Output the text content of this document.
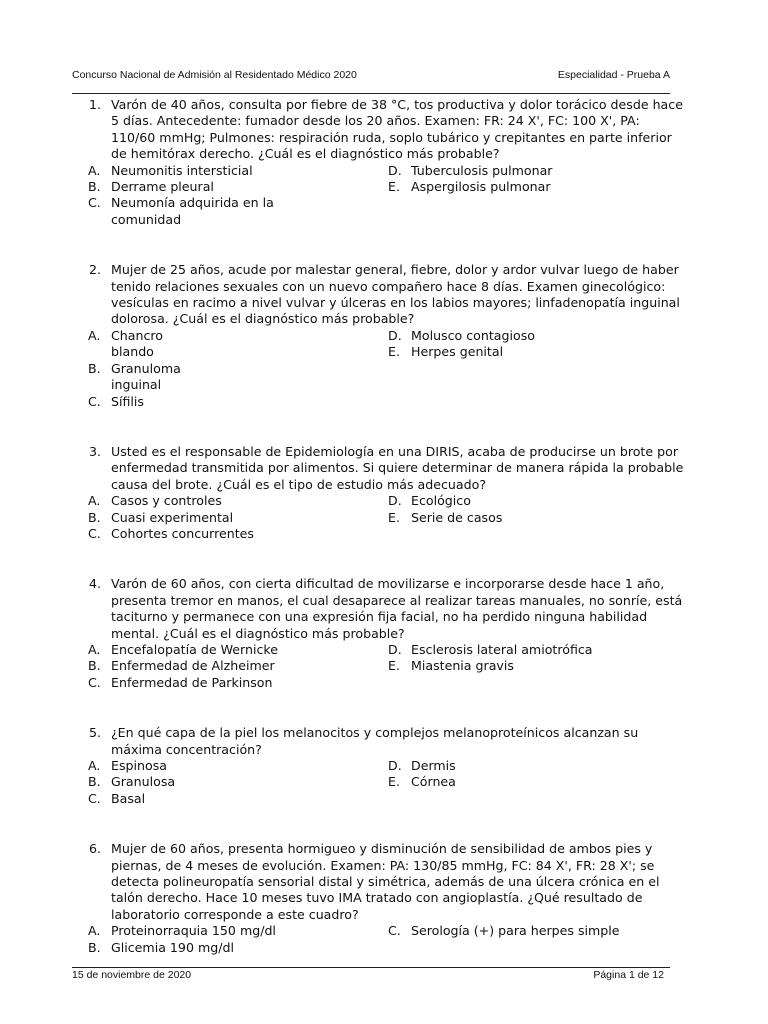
Concurso Nacional de Admisión al Residentado Médico 2020	Especialidad - Prueba A
1. Varón de 40 años, consulta por fiebre de 38 °C, tos productiva y dolor torácico desde hace 5 días. Antecedente: fumador desde los 20 años. Examen: FR: 24 X', FC: 100 X', PA: 110/60 mmHg; Pulmones: respiración ruda, soplo tubárico y crepitantes en parte inferior de hemitórax derecho. ¿Cuál es el diagnóstico más probable?
A. Neumonitis intersticial
B. Derrame pleural
C. Neumonía adquirida en la comunidad
D. Tuberculosis pulmonar
E. Aspergilosis pulmonar
2. Mujer de 25 años, acude por malestar general, fiebre, dolor y ardor vulvar luego de haber tenido relaciones sexuales con un nuevo compañero hace 8 días. Examen ginecológico: vesículas en racimo a nivel vulvar y úlceras en los labios mayores; linfadenopatía inguinal dolorosa. ¿Cuál es el diagnóstico más probable?
A. Chancro blando
B. Granuloma inguinal
C. Sífilis
D. Molusco contagioso
E. Herpes genital
3. Usted es el responsable de Epidemiología en una DIRIS, acaba de producirse un brote por enfermedad transmitida por alimentos. Si quiere determinar de manera rápida la probable causa del brote. ¿Cuál es el tipo de estudio más adecuado?
A. Casos y controles
B. Cuasi experimental
C. Cohortes concurrentes
D. Ecológico
E. Serie de casos
4. Varón de 60 años, con cierta dificultad de movilizarse e incorporarse desde hace 1 año, presenta tremor en manos, el cual desaparece al realizar tareas manuales, no sonríe, está taciturno y permanece con una expresión fija facial, no ha perdido ninguna habilidad mental. ¿Cuál es el diagnóstico más probable?
A. Encefalopatía de Wernicke
B. Enfermedad de Alzheimer
C. Enfermedad de Parkinson
D. Esclerosis lateral amiotrófica
E. Miastenia gravis
5. ¿En qué capa de la piel los melanocitos y complejos melanoproteínicos alcanzan su máxima concentración?
A. Espinosa
B. Granulosa
C. Basal
D. Dermis
E. Córnea
6. Mujer de 60 años, presenta hormigueo y disminución de sensibilidad de ambos pies y piernas, de 4 meses de evolución. Examen: PA: 130/85 mmHg, FC: 84 X', FR: 28 X'; se detecta polineuropatía sensorial distal y simétrica, además de una úlcera crónica en el talón derecho. Hace 10 meses tuvo IMA tratado con angioplastía. ¿Qué resultado de laboratorio corresponde a este cuadro?
A. Proteinorraquia 150 mg/dl
B. Glicemia 190 mg/dl
C. Serología (+) para herpes simple
15 de noviembre de 2020	Página 1 de 12
